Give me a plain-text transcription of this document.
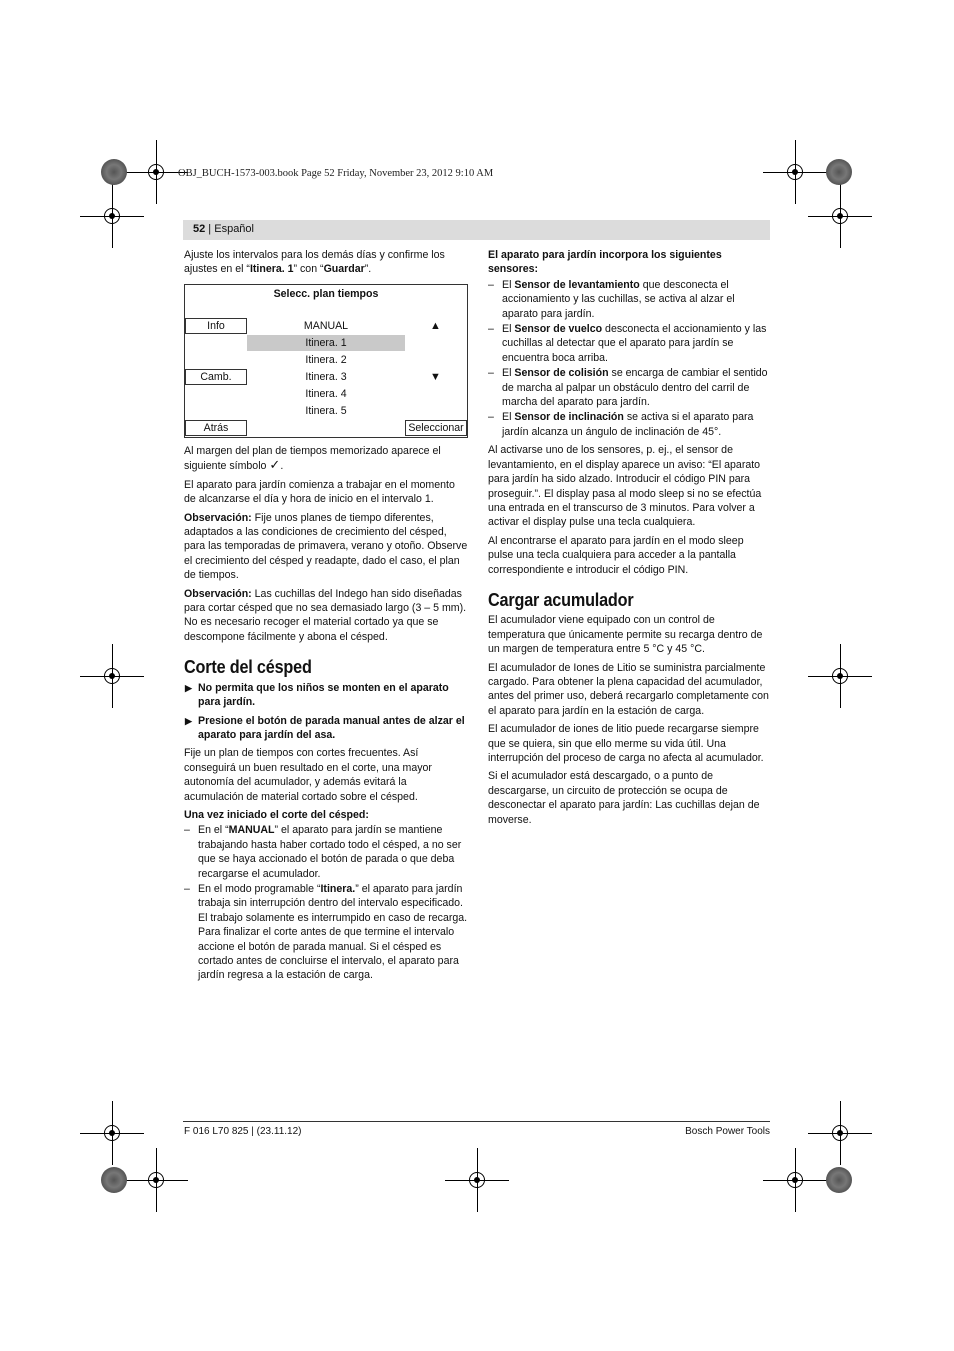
OBJ_BUCH-1573-003.book Page 52 Friday, November 23, 2012 9:10 AM
52 | Español

Ajuste los intervalos para los demás días y confirme los ajustes en el “Itinera. 1” con “Guardar”.

Selecc. plan tiempos
Info
Camb.
Atrás	Seleccionar
MANUAL
Itinera. 1
Itinera. 2
Itinera. 3
Itinera. 4
Itinera. 5
▲
▼

Al margen del plan de tiempos memorizado aparece el siguiente símbolo ✓.

El aparato para jardín comienza a trabajar en el momento de alcanzarse el día y hora de inicio en el intervalo 1.

Observación: Fije unos planes de tiempo diferentes, adaptados a las condiciones de crecimiento del césped, para las temporadas de primavera, verano y otoño. Observe el crecimiento del césped y readapte, dado el caso, el plan de tiempos.

Observación: Las cuchillas del Indego han sido diseñadas para cortar césped que no sea demasiado largo (3 – 5 mm). No es necesario recoger el material cortado ya que se descompone fácilmente y abona el césped.

Corte del césped
▶ No permita que los niños se monten en el aparato para jardín.
▶ Presione el botón de parada manual antes de alzar el aparato para jardín del asa.

Fije un plan de tiempos con cortes frecuentes. Así conseguirá un buen resultado en el corte, una mayor autonomía del acumulador, y además evitará la acumulación de material cortado sobre el césped.

Una vez iniciado el corte del césped:

– En el “MANUAL” el aparato para jardín se mantiene trabajando hasta haber cortado todo el césped, a no ser que se haya accionado el botón de parada o que deba recargarse el acumulador.
– En el modo programable “Itinera.” el aparato para jardín trabaja sin interrupción dentro del intervalo especificado. El trabajo solamente es interrumpido en caso de recarga. Para finalizar el corte antes de que termine el intervalo accione el botón de parada manual. Si el césped es cortado antes de concluirse el intervalo, el aparato para jardín regresa a la estación de carga.

El aparato para jardín incorpora los siguientes sensores:

– El Sensor de levantamiento que desconecta el accionamiento y las cuchillas, se activa al alzar el aparato para jardín.
– El Sensor de vuelco desconecta el accionamiento y las cuchillas al detectar que el aparato para jardín se encuentra boca arriba.
– El Sensor de colisión se encarga de cambiar el sentido de marcha al palpar un obstáculo dentro del carril de marcha del aparato para jardín.
– El Sensor de inclinación se activa si el aparato para jardín alcanza un ángulo de inclinación de 45°.

Al activarse uno de los sensores, p. ej., el sensor de levantamiento, en el display aparece un aviso: “El aparato para jardín ha sido alzado. Introducir el código PIN para proseguir.”. El display pasa al modo sleep si no se efectúa una entrada en el transcurso de 3 minutos. Para volver a activar el display pulse una tecla cualquiera.

Al encontrarse el aparato para jardín en el modo sleep pulse una tecla cualquiera para acceder a la pantalla correspondiente e introducir el código PIN.

Cargar acumulador

El acumulador viene equipado con un control de temperatura que únicamente permite su recarga dentro de un margen de temperatura entre 5 °C y 45 °C.

El acumulador de Iones de Litio se suministra parcialmente cargado. Para obtener la plena capacidad del acumulador, antes del primer uso, deberá recargarlo completamente con el aparato para jardín en la estación de carga.

El acumulador de iones de litio puede recargarse siempre que se quiera, sin que ello merme su vida útil. Una interrupción del proceso de carga no afecta al acumulador.

Si el acumulador está descargado, o a punto de descargarse, un circuito de protección se ocupa de desconectar el aparato para jardín: Las cuchillas dejan de moverse.

F 016 L70 825 | (23.11.12)	Bosch Power Tools
